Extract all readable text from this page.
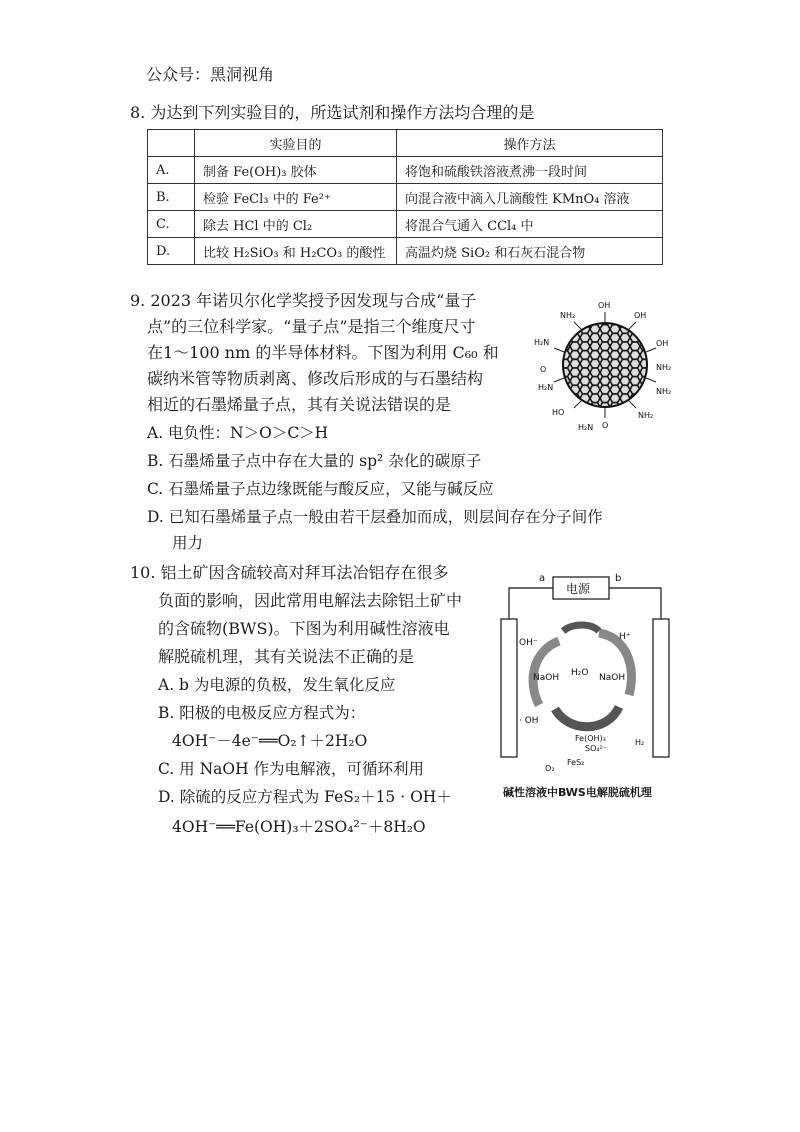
公众号：黑洞视角
8. 为达到下列实验目的，所选试剂和操作方法均合理的是
	实验目的	操作方法
A.	制备 Fe(OH)₃ 胶体	将饱和硫酸铁溶液煮沸一段时间
B.	检验 FeCl₃ 中的 Fe²⁺	向混合液中滴入几滴酸性 KMnO₄ 溶液
C.	除去 HCl 中的 Cl₂	将混合气通入 CCl₄ 中
D.	比较 H₂SiO₃ 和 H₂CO₃ 的酸性	高温灼烧 SiO₂ 和石灰石混合物
9. 2023 年诺贝尔化学奖授予因发现与合成“量子
点”的三位科学家。“量子点”是指三个维度尺寸
在1～100 nm 的半导体材料。下图为利用 C₆₀ 和
碳纳米管等物质剥离、修改后形成的与石墨结构
相近的石墨烯量子点，其有关说法错误的是
A. 电负性：N＞O＞C＞H
B. 石墨烯量子点中存在大量的 sp² 杂化的碳原子
C. 石墨烯量子点边缘既能与酸反应，又能与碱反应
D. 已知石墨烯量子点一般由若干层叠加而成，则层间存在分子间作
用力
OH
NH₂	OH
H₂N	OH
O	NH₂
H₂N	NH₂
HO	NH₂
H₂N O
10. 铝土矿因含硫较高对拜耳法冶铝存在很多
负面的影响，因此常用电解法去除铝土矿中
的含硫物(BWS)。下图为利用碱性溶液电
解脱硫机理，其有关说法不正确的是
A. b 为电源的负极，发生氧化反应
B. 阳极的电极反应方程式为：
4OH⁻－4e⁻══O₂↑＋2H₂O
C. 用 NaOH 作为电解液，可循环利用
D. 除硫的反应方程式为 FeS₂＋15 · OH＋
4OH⁻══Fe(OH)₃＋2SO₄²⁻＋8H₂O
a	b
电源
OH⁻
H⁺
NaOH H₂O NaOH
· OH
Fe(OH)₃
SO₄²⁻
H₂
O₂
FeS₂
碱性溶液中BWS电解脱硫机理
